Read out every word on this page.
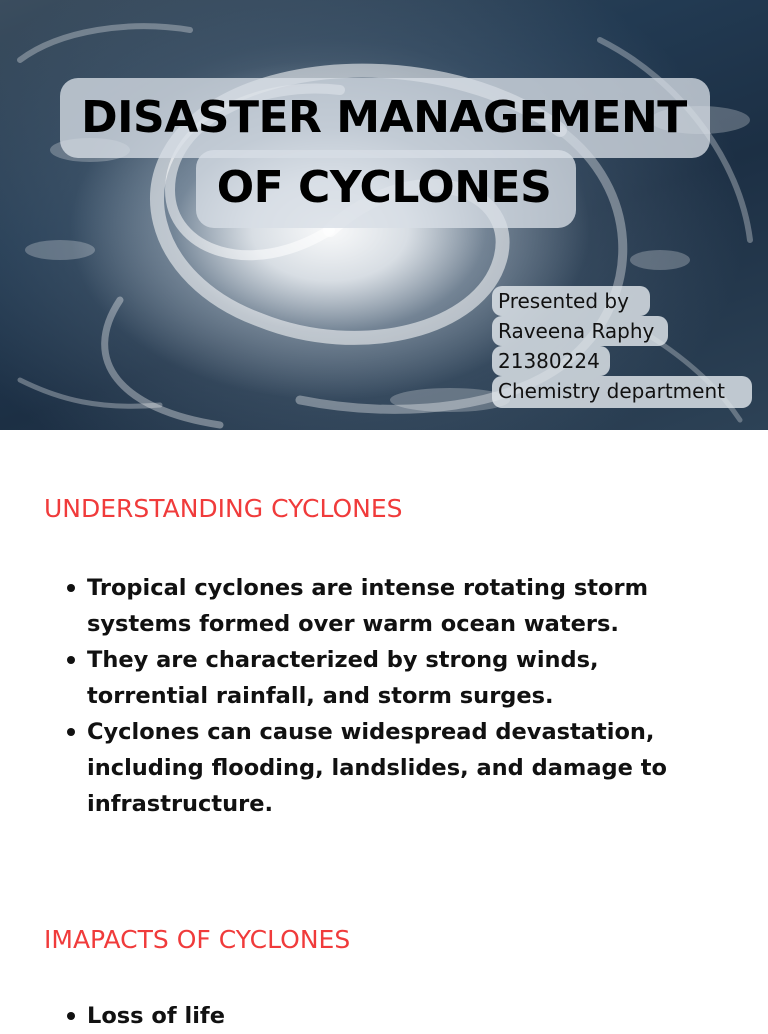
DISASTER MANAGEMENT
OF CYCLONES
Presented by
Raveena Raphy
21380224
Chemistry department
UNDERSTANDING CYCLONES
Tropical cyclones are intense rotating storm systems formed over warm ocean waters.
They are characterized by strong winds, torrential rainfall, and storm surges.
Cyclones can cause widespread devastation, including flooding, landslides, and damage to infrastructure.
IMAPACTS OF CYCLONES
Loss of life
